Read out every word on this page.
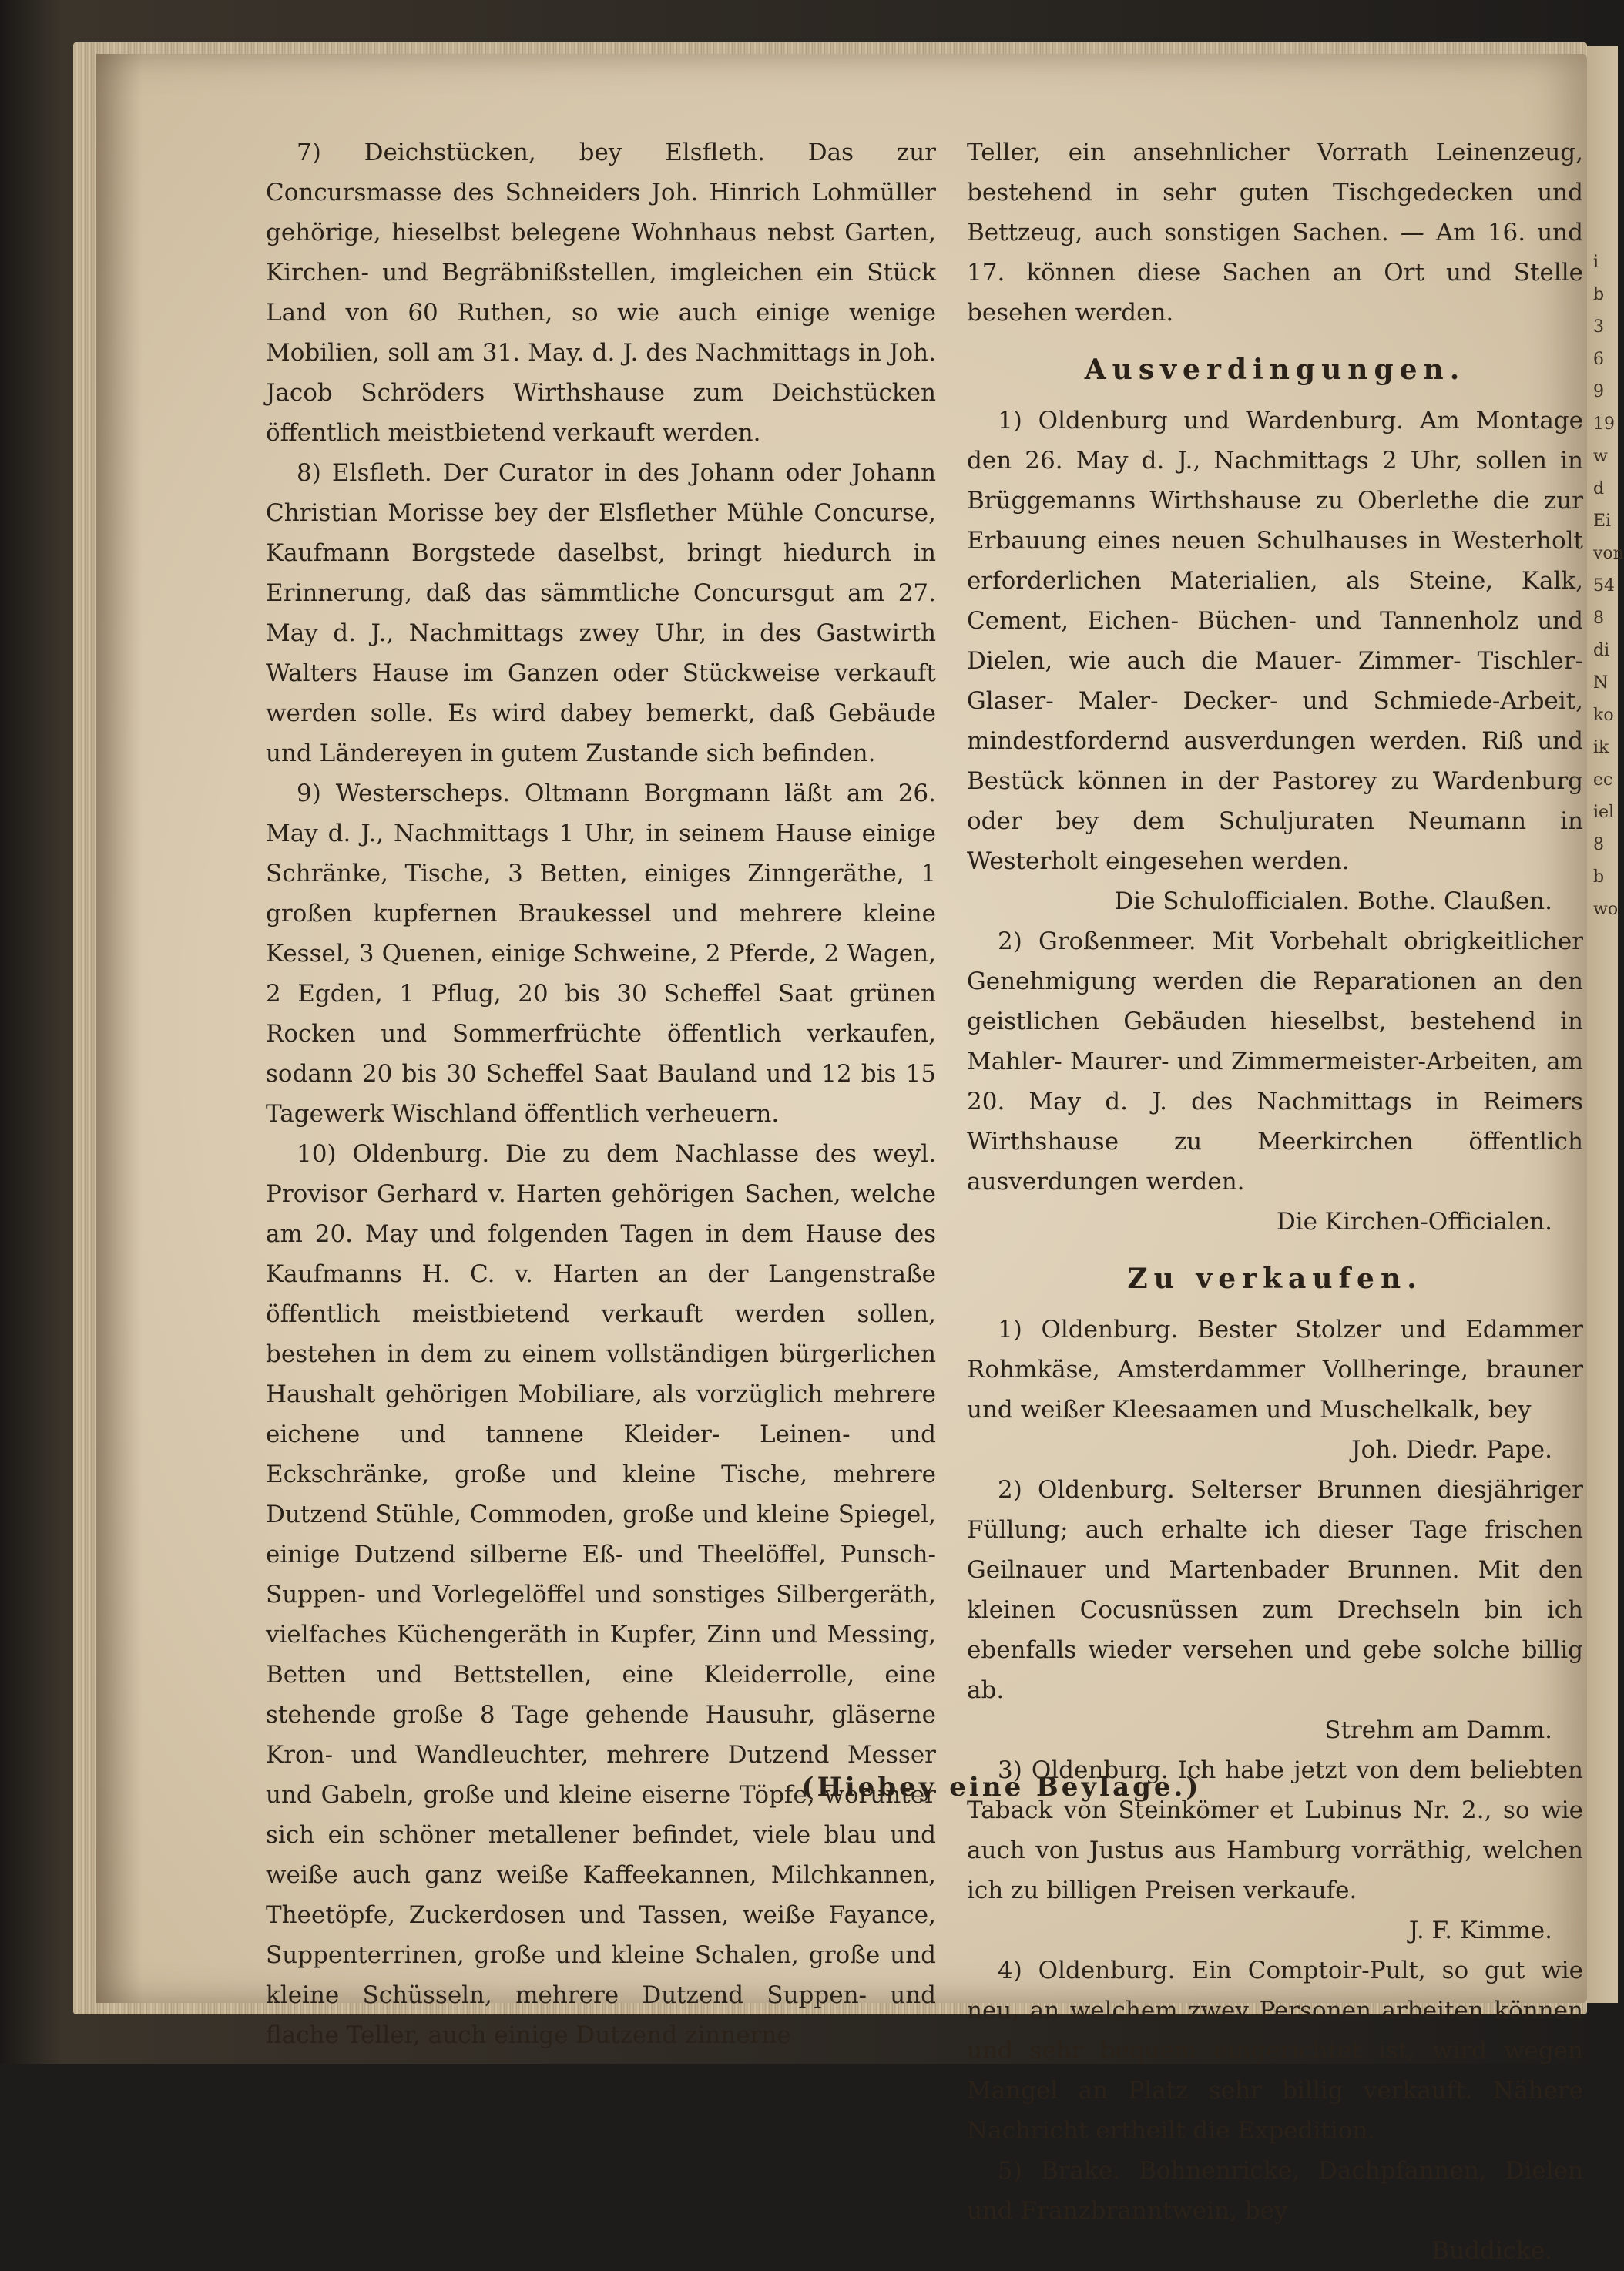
i
b
3
6
9
19
w
d
Ei
von
54
8
di
N
ko
ik
ec
iel
8
b
wo

7) Deichstücken, bey Elsfleth. Das zur Concursmasse des Schneiders Joh. Hinrich Lohmüller gehörige, hieselbst belegene Wohnhaus nebst Garten, Kirchen- und Begräbnißstellen, imgleichen ein Stück Land von 60 Ruthen, so wie auch einige wenige Mobilien, soll am 31. May. d. J. des Nachmittags in Joh. Jacob Schröders Wirthshause zum Deichstücken öffentlich meistbietend verkauft werden.

8) Elsfleth. Der Curator in des Johann oder Johann Christian Morisse bey der Elsflether Mühle Concurse, Kaufmann Borgstede daselbst, bringt hiedurch in Erinnerung, daß das sämmtliche Concursgut am 27. May d. J., Nachmittags zwey Uhr, in des Gastwirth Walters Hause im Ganzen oder Stückweise verkauft werden solle. Es wird dabey bemerkt, daß Gebäude und Ländereyen in gutem Zustande sich befinden.

9) Westerscheps. Oltmann Borgmann läßt am 26. May d. J., Nachmittags 1 Uhr, in seinem Hause einige Schränke, Tische, 3 Betten, einiges Zinngeräthe, 1 großen kupfernen Braukessel und mehrere kleine Kessel, 3 Quenen, einige Schweine, 2 Pferde, 2 Wagen, 2 Egden, 1 Pflug, 20 bis 30 Scheffel Saat grünen Rocken und Sommerfrüchte öffentlich verkaufen, sodann 20 bis 30 Scheffel Saat Bauland und 12 bis 15 Tagewerk Wischland öffentlich verheuern.

10) Oldenburg. Die zu dem Nachlasse des weyl. Provisor Gerhard v. Harten gehörigen Sachen, welche am 20. May und folgenden Tagen in dem Hause des Kaufmanns H. C. v. Harten an der Langenstraße öffentlich meistbietend verkauft werden sollen, bestehen in dem zu einem vollständigen bürgerlichen Haushalt gehörigen Mobiliare, als vorzüglich mehrere eichene und tannene Kleider- Leinen- und Eckschränke, große und kleine Tische, mehrere Dutzend Stühle, Commoden, große und kleine Spiegel, einige Dutzend silberne Eß- und Theelöffel, Punsch- Suppen- und Vorlegelöffel und sonstiges Silbergeräth, vielfaches Küchengeräth in Kupfer, Zinn und Messing, Betten und Bettstellen, eine Kleiderrolle, eine stehende große 8 Tage gehende Hausuhr, gläserne Kron- und Wandleuchter, mehrere Dutzend Messer und Gabeln, große und kleine eiserne Töpfe, worunter sich ein schöner metallener befindet, viele blau und weiße auch ganz weiße Kaffeekannen, Milchkannen, Theetöpfe, Zuckerdosen und Tassen, weiße Fayance, Suppenterrinen, große und kleine Schalen, große und kleine Schüsseln, mehrere Dutzend Suppen- und flache Teller, auch einige Dutzend zinnerne

Teller, ein ansehnlicher Vorrath Leinenzeug, bestehend in sehr guten Tischgedecken und Bettzeug, auch sonstigen Sachen. — Am 16. und 17. können diese Sachen an Ort und Stelle besehen werden.

Ausverdingungen.

1) Oldenburg und Wardenburg. Am Montage den 26. May d. J., Nachmittags 2 Uhr, sollen in Brüggemanns Wirthshause zu Oberlethe die zur Erbauung eines neuen Schulhauses in Westerholt erforderlichen Materialien, als Steine, Kalk, Cement, Eichen- Büchen- und Tannenholz und Dielen, wie auch die Mauer- Zimmer- Tischler- Glaser- Maler- Decker- und Schmiede-Arbeit, mindestfordernd ausverdungen werden. Riß und Bestück können in der Pastorey zu Wardenburg oder bey dem Schuljuraten Neumann in Westerholt eingesehen werden.

Die Schulofficialen. Bothe. Claußen.

2) Großenmeer. Mit Vorbehalt obrigkeitlicher Genehmigung werden die Reparationen an den geistlichen Gebäuden hieselbst, bestehend in Mahler- Maurer- und Zimmermeister-Arbeiten, am 20. May d. J. des Nachmittags in Reimers Wirthshause zu Meerkirchen öffentlich ausverdungen werden.

Die Kirchen-Officialen.

Zu verkaufen.

1) Oldenburg. Bester Stolzer und Edammer Rohmkäse, Amsterdammer Vollheringe, brauner und weißer Kleesaamen und Muschelkalk, bey

Joh. Diedr. Pape.

2) Oldenburg. Selterser Brunnen diesjähriger Füllung; auch erhalte ich dieser Tage frischen Geilnauer und Martenbader Brunnen. Mit den kleinen Cocusnüssen zum Drechseln bin ich ebenfalls wieder versehen und gebe solche billig ab.

Strehm am Damm.

3) Oldenburg. Ich habe jetzt von dem beliebten Taback von Steinkömer et Lubinus Nr. 2., so wie auch von Justus aus Hamburg vorräthig, welchen ich zu billigen Preisen verkaufe.

J. F. Kimme.

4) Oldenburg. Ein Comptoir-Pult, so gut wie neu, an welchem zwey Personen arbeiten können und sehr bequem eingerichtet ist, wird wegen Mangel an Platz sehr billig verkauft. Nähere Nachricht ertheilt die Expedition.

5) Brake. Bohnenricke, Dachpfannen, Dielen und Franzbranntwein, bey

Buddicke.

(Hiebey eine Beylage.)
